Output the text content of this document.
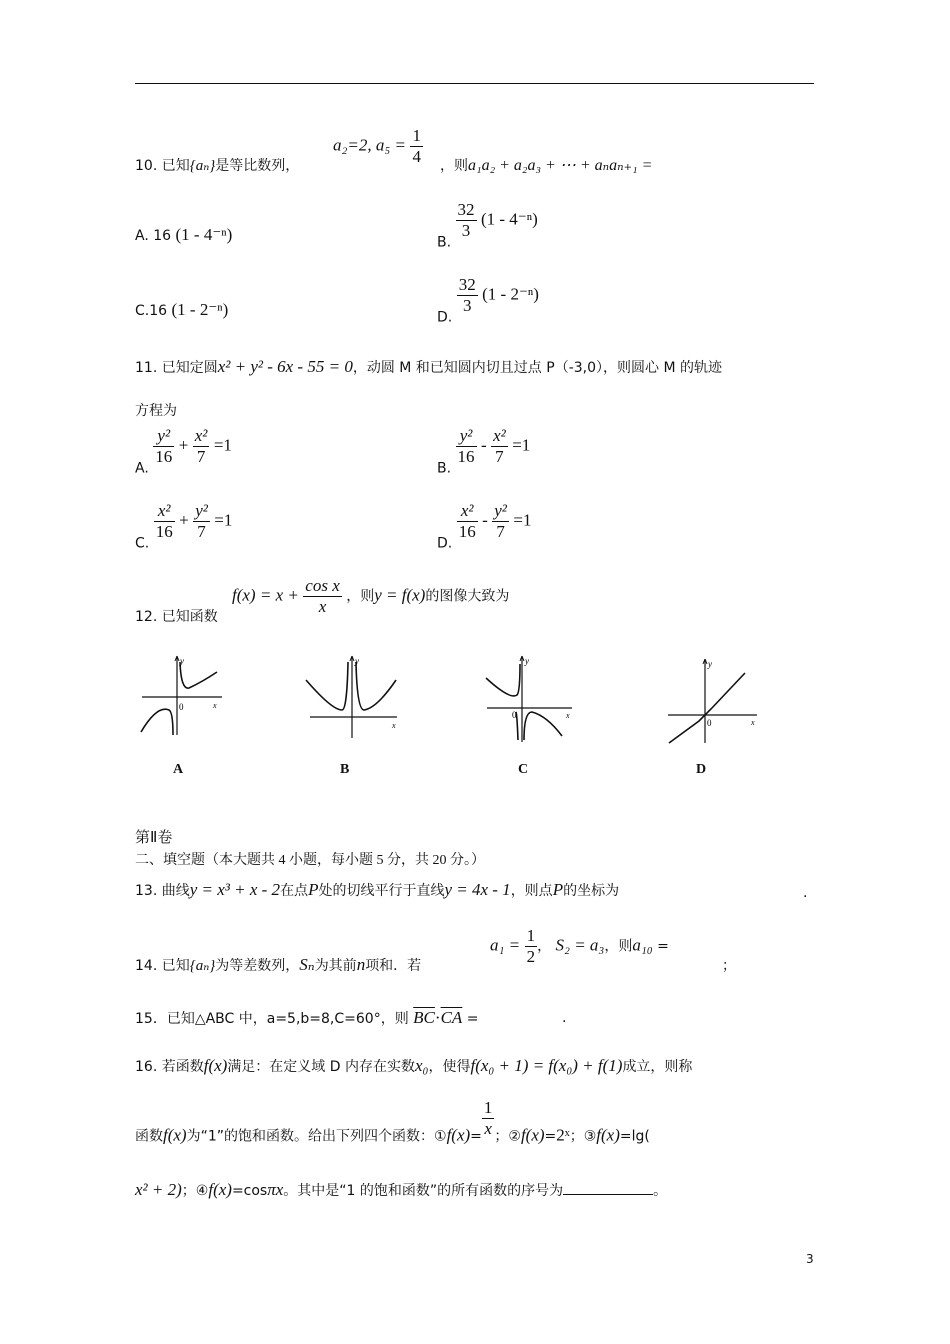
10. 已知{aₙ}是等比数列，
a₂=2, $a_5 = \frac{1}{4}$ ，则a₁a₂ + a₂a₃ + ⋯ + aₙaₙ₊₁ =
A. 16 (1 - 4⁻ⁿ)	B.
$\frac{32}{3} (1 - 4^{-n})$
C.16 (1 - 2⁻ⁿ)	D.
$\frac{32}{3} (1 - 2^{-n})$
11. 已知定圆x² + y² - 6x - 55 = 0，动圆 M 和已知圆内切且过点 P（-3,0），则圆心 M 的轨迹
方程为
A.
$\frac{\text{y²}}{16} + \frac{\text{x²}}{7} =1$
B.
$\frac{\text{y²}}{16} - \frac{\text{x²}}{7} =1$
C.
$\frac{\text{x²}}{16} + \frac{\text{y²}}{7} =1$
D.
$\frac{\text{x²}}{16} - \frac{\text{y²}}{7} =1$
12. 已知函数
$f(x) = x + \frac{\text{cos x}}{x}$ ，则y = f(x)的图像大致为
y
x
0
A
y
x
B
y
x
0
C
y
x
0
D
第Ⅱ卷
二、填空题（本大题共 4 小题，每小题 5 分，共 20 分。）
13. 曲线y = x³ + x - 2在点P处的切线平行于直线y = 4x - 1，则点P的坐标为	.
14. 已知{aₙ}为等差数列，Sₙ为其前n项和．若
$a_1 = \frac{1}{2}$ ， S₂ = a₃，则a₁₀ =
；
15．已知△ABC 中，a=5,b=8,C=60°，则 $\overline{BC}\cdot\overline{CA}$ =	.
16. 若函数f(x)满足：在定义域 D 内存在实数x₀，使得f(x₀ + 1) = f(x₀) + f(1)成立，则称
函数f(x)为“1”的饱和函数。给出下列四个函数：①f(x)= $\frac{1}{x}$ ；②f(x)=2ˣ；③f(x)=lg(
x² + 2)；④f(x)=cosπx。其中是“1 的饱和函数”的所有函数的序号为	。
3
